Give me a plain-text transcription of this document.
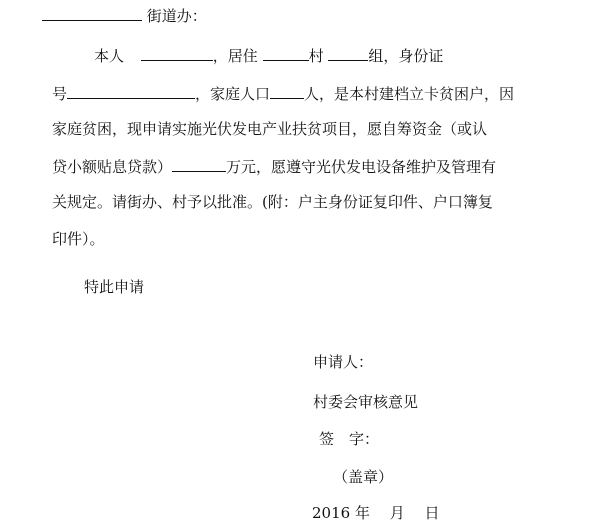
街道办：
本人	，居住	村	组，身份证
号	，家庭人口 人，是本村建档立卡贫困户，因
家庭贫困，现申请实施光伏发电产业扶贫项目，愿自筹资金（或认
贷小额贴息贷款）	万元，愿遵守光伏发电设备维护及管理有
关规定。请街办、村予以批准。(附：户主身份证复印件、户口簿复
印件）。
特此申请
申请人：
村委会审核意见
签　字：
（盖章）
2016 年　 月　 日
